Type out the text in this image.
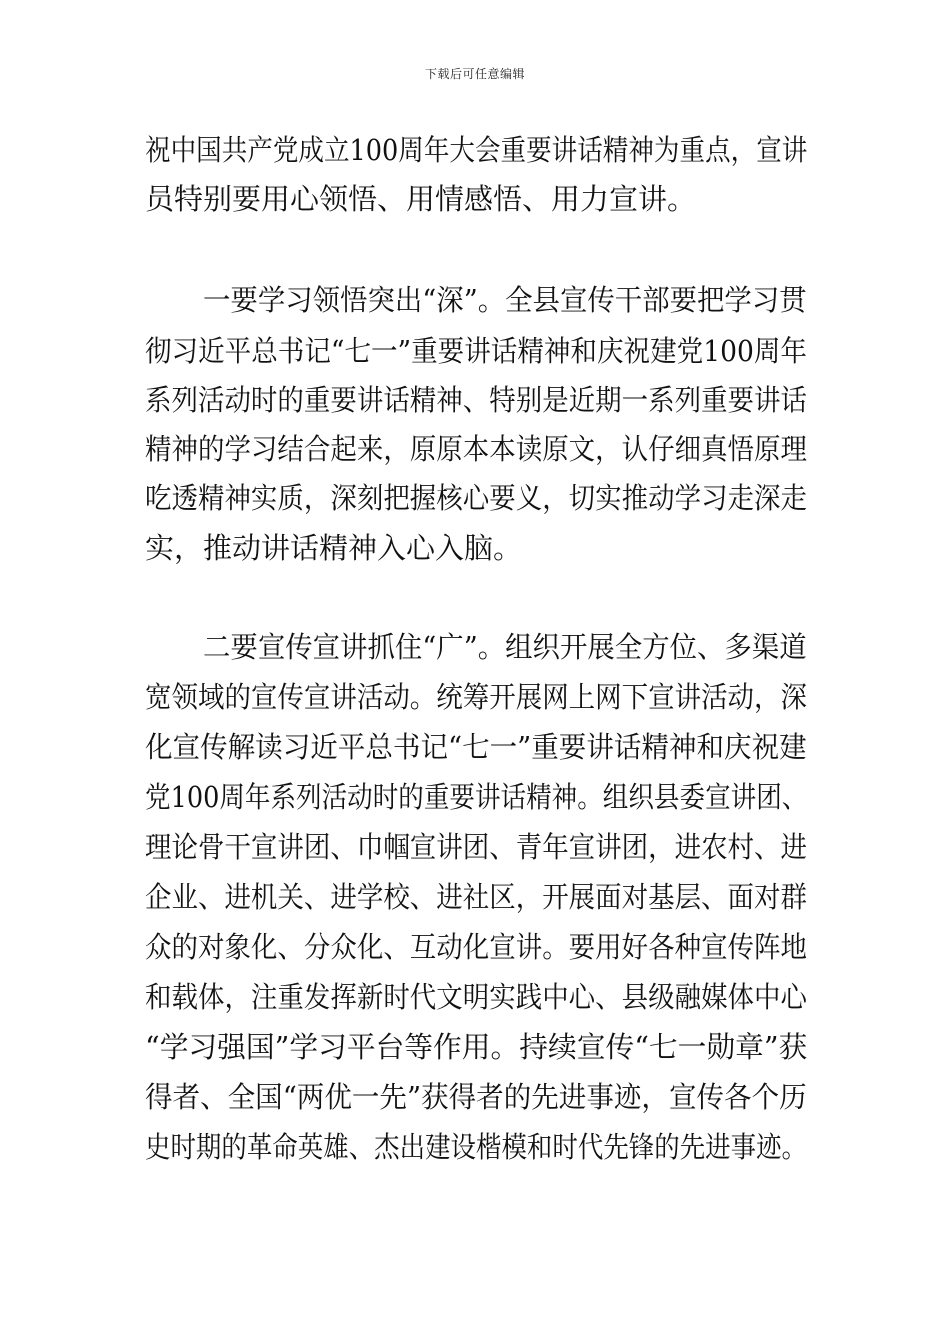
下载后可任意编辑
祝中国共产党成立100周年大会重要讲话精神为重点，宣讲
员特别要用心领悟、用情感悟、用力宣讲。
一要学习领悟突出“深”。全县宣传干部要把学习贯
彻习近平总书记“七一”重要讲话精神和庆祝建党100周年
系列活动时的重要讲话精神、特别是近期一系列重要讲话
精神的学习结合起来，原原本本读原文，认仔细真悟原理
吃透精神实质，深刻把握核心要义，切实推动学习走深走
实，推动讲话精神入心入脑。
二要宣传宣讲抓住“广”。组织开展全方位、多渠道
宽领域的宣传宣讲活动。统筹开展网上网下宣讲活动，深
化宣传解读习近平总书记“七一”重要讲话精神和庆祝建
党100周年系列活动时的重要讲话精神。组织县委宣讲团、
理论骨干宣讲团、巾帼宣讲团、青年宣讲团，进农村、进
企业、进机关、进学校、进社区，开展面对基层、面对群
众的对象化、分众化、互动化宣讲。要用好各种宣传阵地
和载体，注重发挥新时代文明实践中心、县级融媒体中心
“学习强国”学习平台等作用。持续宣传“七一勋章”获
得者、全国“两优一先”获得者的先进事迹，宣传各个历
史时期的革命英雄、杰出建设楷模和时代先锋的先进事迹。
